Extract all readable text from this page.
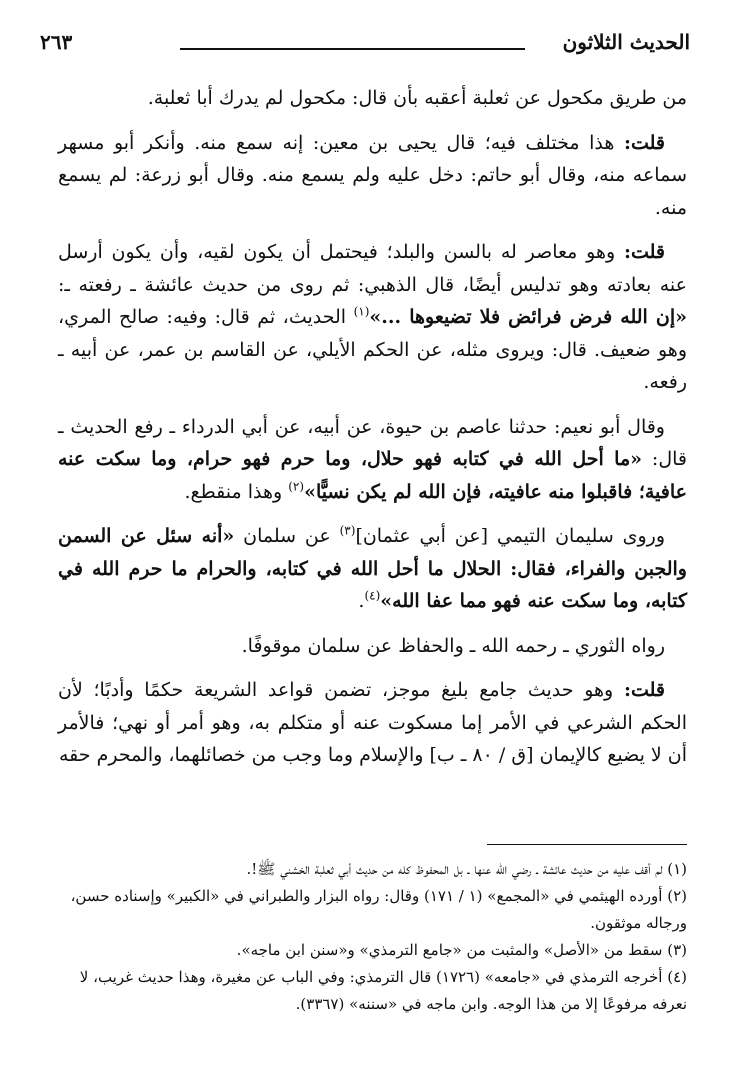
الحديث الثلاثون
٢٦٣

من طريق مكحول عن ثعلبة أعقبه بأن قال: مكحول لم يدرك أبا ثعلبة.

قلت: هذا مختلف فيه؛ قال يحيى بن معين: إنه سمع منه. وأنكر أبو مسهر سماعه منه، وقال أبو حاتم: دخل عليه ولم يسمع منه. وقال أبو زرعة: لم يسمع منه.

قلت: وهو معاصر له بالسن والبلد؛ فيحتمل أن يكون لقيه، وأن يكون أرسل عنه بعادته وهو تدليس أيضًا، قال الذهبي: ثم روى من حديث عائشة ـ رفعته ـ: «إن الله فرض فرائض فلا تضيعوها ...»$^{(١)}$ الحديث، ثم قال: وفيه: صالح المري، وهو ضعيف. قال: ويروى مثله، عن الحكم الأيلي، عن القاسم بن عمر، عن أبيه ـ رفعه.

وقال أبو نعيم: حدثنا عاصم بن حيوة، عن أبيه، عن أبي الدرداء ـ رفع الحديث ـ قال: «ما أحل الله في كتابه فهو حلال، وما حرم فهو حرام، وما سكت عنه عافية؛ فاقبلوا منه عافيته، فإن الله لم يكن نسيًّا»$^{(٢)}$ وهذا منقطع.

وروى سليمان التيمي [عن أبي عثمان]$^{(٣)}$ عن سلمان «أنه سئل عن السمن والجبن والفراء، فقال: الحلال ما أحل الله في كتابه، والحرام ما حرم الله في كتابه، وما سكت عنه فهو مما عفا الله»$^{(٤)}$.

رواه الثوري ـ رحمه الله ـ والحفاظ عن سلمان موقوفًا.

قلت: وهو حديث جامع بليغ موجز، تضمن قواعد الشريعة حكمًا وأدبًا؛ لأن الحكم الشرعي في الأمر إما مسكوت عنه أو متكلم به، وهو أمر أو نهي؛ فالأمر أن لا يضيع كالإيمان [ق / ٨٠ ـ ب] والإسلام وما وجب من خصائلهما، والمحرم حقه

(١) لم أقف عليه من حديث عائشة ـ رضي الله عنها ـ بل المحفوظ كله من حديث أبي ثعلبة الخشني ﷺ!.
(٢) أورده الهيثمي في «المجمع» (١ / ١٧١) وقال: رواه البزار والطبراني في «الكبير» وإسناده حسن، ورجاله موثقون.
(٣) سقط من «الأصل» والمثبت من «جامع الترمذي» و«سنن ابن ماجه».
(٤) أخرجه الترمذي في «جامعه» (١٧٢٦) قال الترمذي: وفي الباب عن مغيرة، وهذا حديث غريب، لا نعرفه مرفوعًا إلا من هذا الوجه. وابن ماجه في «سننه» (٣٣٦٧).
